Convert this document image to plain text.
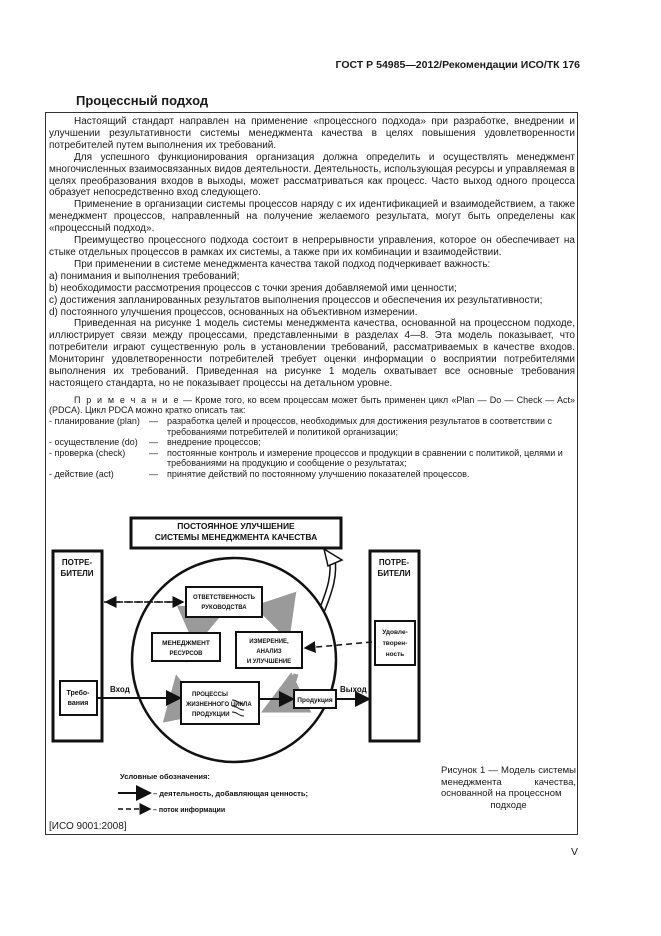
ГОСТ Р 54985—2012/Рекомендации ИСО/ТК 176
Процессный подход

Настоящий стандарт направлен на применение «процессного подхода» при разработке, внедрении и улучшении результативности системы менеджмента качества в целях повышения удовлетворенности потребителей путем выполнения их требований.

Для успешного функционирования организация должна определить и осуществлять менеджмент многочисленных взаимосвязанных видов деятельности. Деятельность, использующая ресурсы и управляемая в целях преобразования входов в выходы, может рассматриваться как процесс. Часто выход одного процесса образует непосредственно вход следующего.

Применение в организации системы процессов наряду с их идентификацией и взаимодействием, а также менеджмент процессов, направленный на получение желаемого результата, могут быть определены как «процессный подход».

Преимущество процессного подхода состоит в непрерывности управления, которое он обеспечивает на стыке отдельных процессов в рамках их системы, а также при их комбинации и взаимодействии.

При применении в системе менеджмента качества такой подход подчеркивает важность:

a) понимания и выполнения требований;

b) необходимости рассмотрения процессов с точки зрения добавляемой ими ценности;

c) достижения запланированных результатов выполнения процессов и обеспечения их результативности;

d) постоянного улучшения процессов, основанных на объективном измерении.

Приведенная на рисунке 1 модель системы менеджмента качества, основанной на процессном подходе, иллюстрирует связи между процессами, представленными в разделах 4—8. Эта модель показывает, что потребители играют существенную роль в установлении требований, рассматриваемых в качестве входов. Мониторинг удовлетворенности потребителей требует оценки информации о восприятии потребителями выполнения их требований. Приведенная на рисунке 1 модель охватывает все основные требования настоящего стандарта, но не показывает процессы на детальном уровне.

П р и м е ч а н и е — Кроме того, ко всем процессам может быть применен цикл «Plan — Do — Check — Act» (PDCA). Цикл PDCA можно кратко описать так:

- планирование (plan)	—	разработка целей и процессов, необходимых для достижения результатов в соответствии с требованиями потребителей и политикой организации;
- осуществление (do)	—	внедрение процессов;
- проверка (check)	—	постоянные контроль и измерение процессов и продукции в сравнении с политикой, целями и требованиями на продукцию и сообщение о результатах;
- действие (act)	—	принятие действий по постоянному улучшению показателей процессов.
ПОСТОЯННОЕ УЛУЧШЕНИЕ
СИСТЕМЫ МЕНЕДЖМЕНТА КАЧЕСТВА
ПОТРЕ-
БИТЕЛИ
Требо-
вания
ПОТРЕ-
БИТЕЛИ
Удовле-
творен-
ность
ОТВЕТСТВЕННОСТЬ
РУКОВОДСТВА
МЕНЕДЖМЕНТ
РЕСУРСОВ
ИЗМЕРЕНИЕ,
АНАЛИЗ
И УЛУЧШЕНИЕ
ПРОЦЕССЫ
ЖИЗНЕННОГО ЦИКЛА
ПРОДУКЦИИ
Продукция
Вход	Выход
Условные обозначения:
– деятельность, добавляющая ценность;
– поток информации
Рисунок 1 — Модель системы менеджмента качества, основанной на процессном
подходе
[ИСО 9001:2008]
V
